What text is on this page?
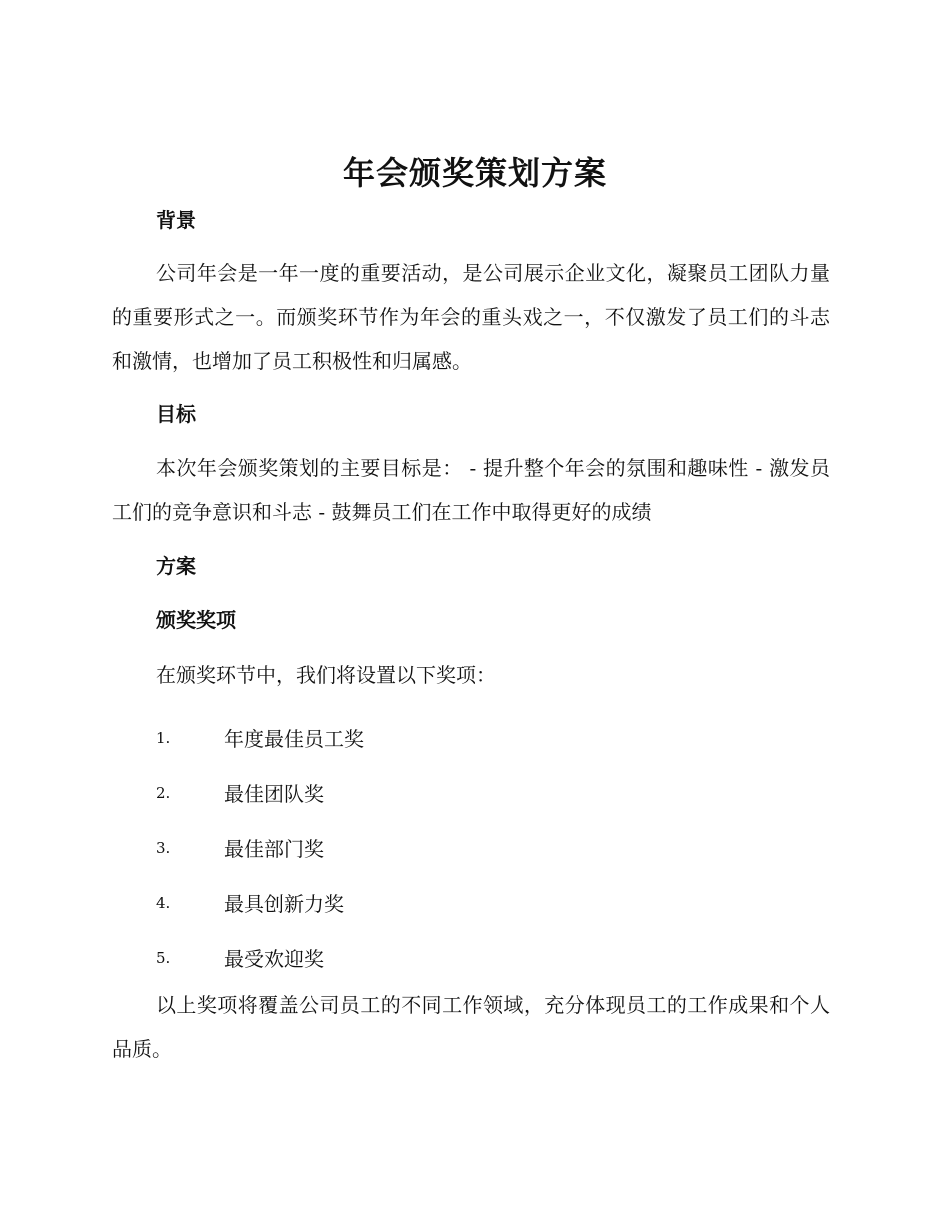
年会颁奖策划方案
背景

公司年会是一年一度的重要活动，是公司展示企业文化，凝聚员工团队力量的重要形式之一。而颁奖环节作为年会的重头戏之一，不仅激发了员工们的斗志和激情，也增加了员工积极性和归属感。

目标

本次年会颁奖策划的主要目标是： - 提升整个年会的氛围和趣味性 - 激发员工们的竞争意识和斗志 - 鼓舞员工们在工作中取得更好的成绩

方案
颁奖奖项

在颁奖环节中，我们将设置以下奖项：

1.	年度最佳员工奖
2.	最佳团队奖
3.	最佳部门奖
4.	最具创新力奖
5.	最受欢迎奖

以上奖项将覆盖公司员工的不同工作领域，充分体现员工的工作成果和个人品质。
